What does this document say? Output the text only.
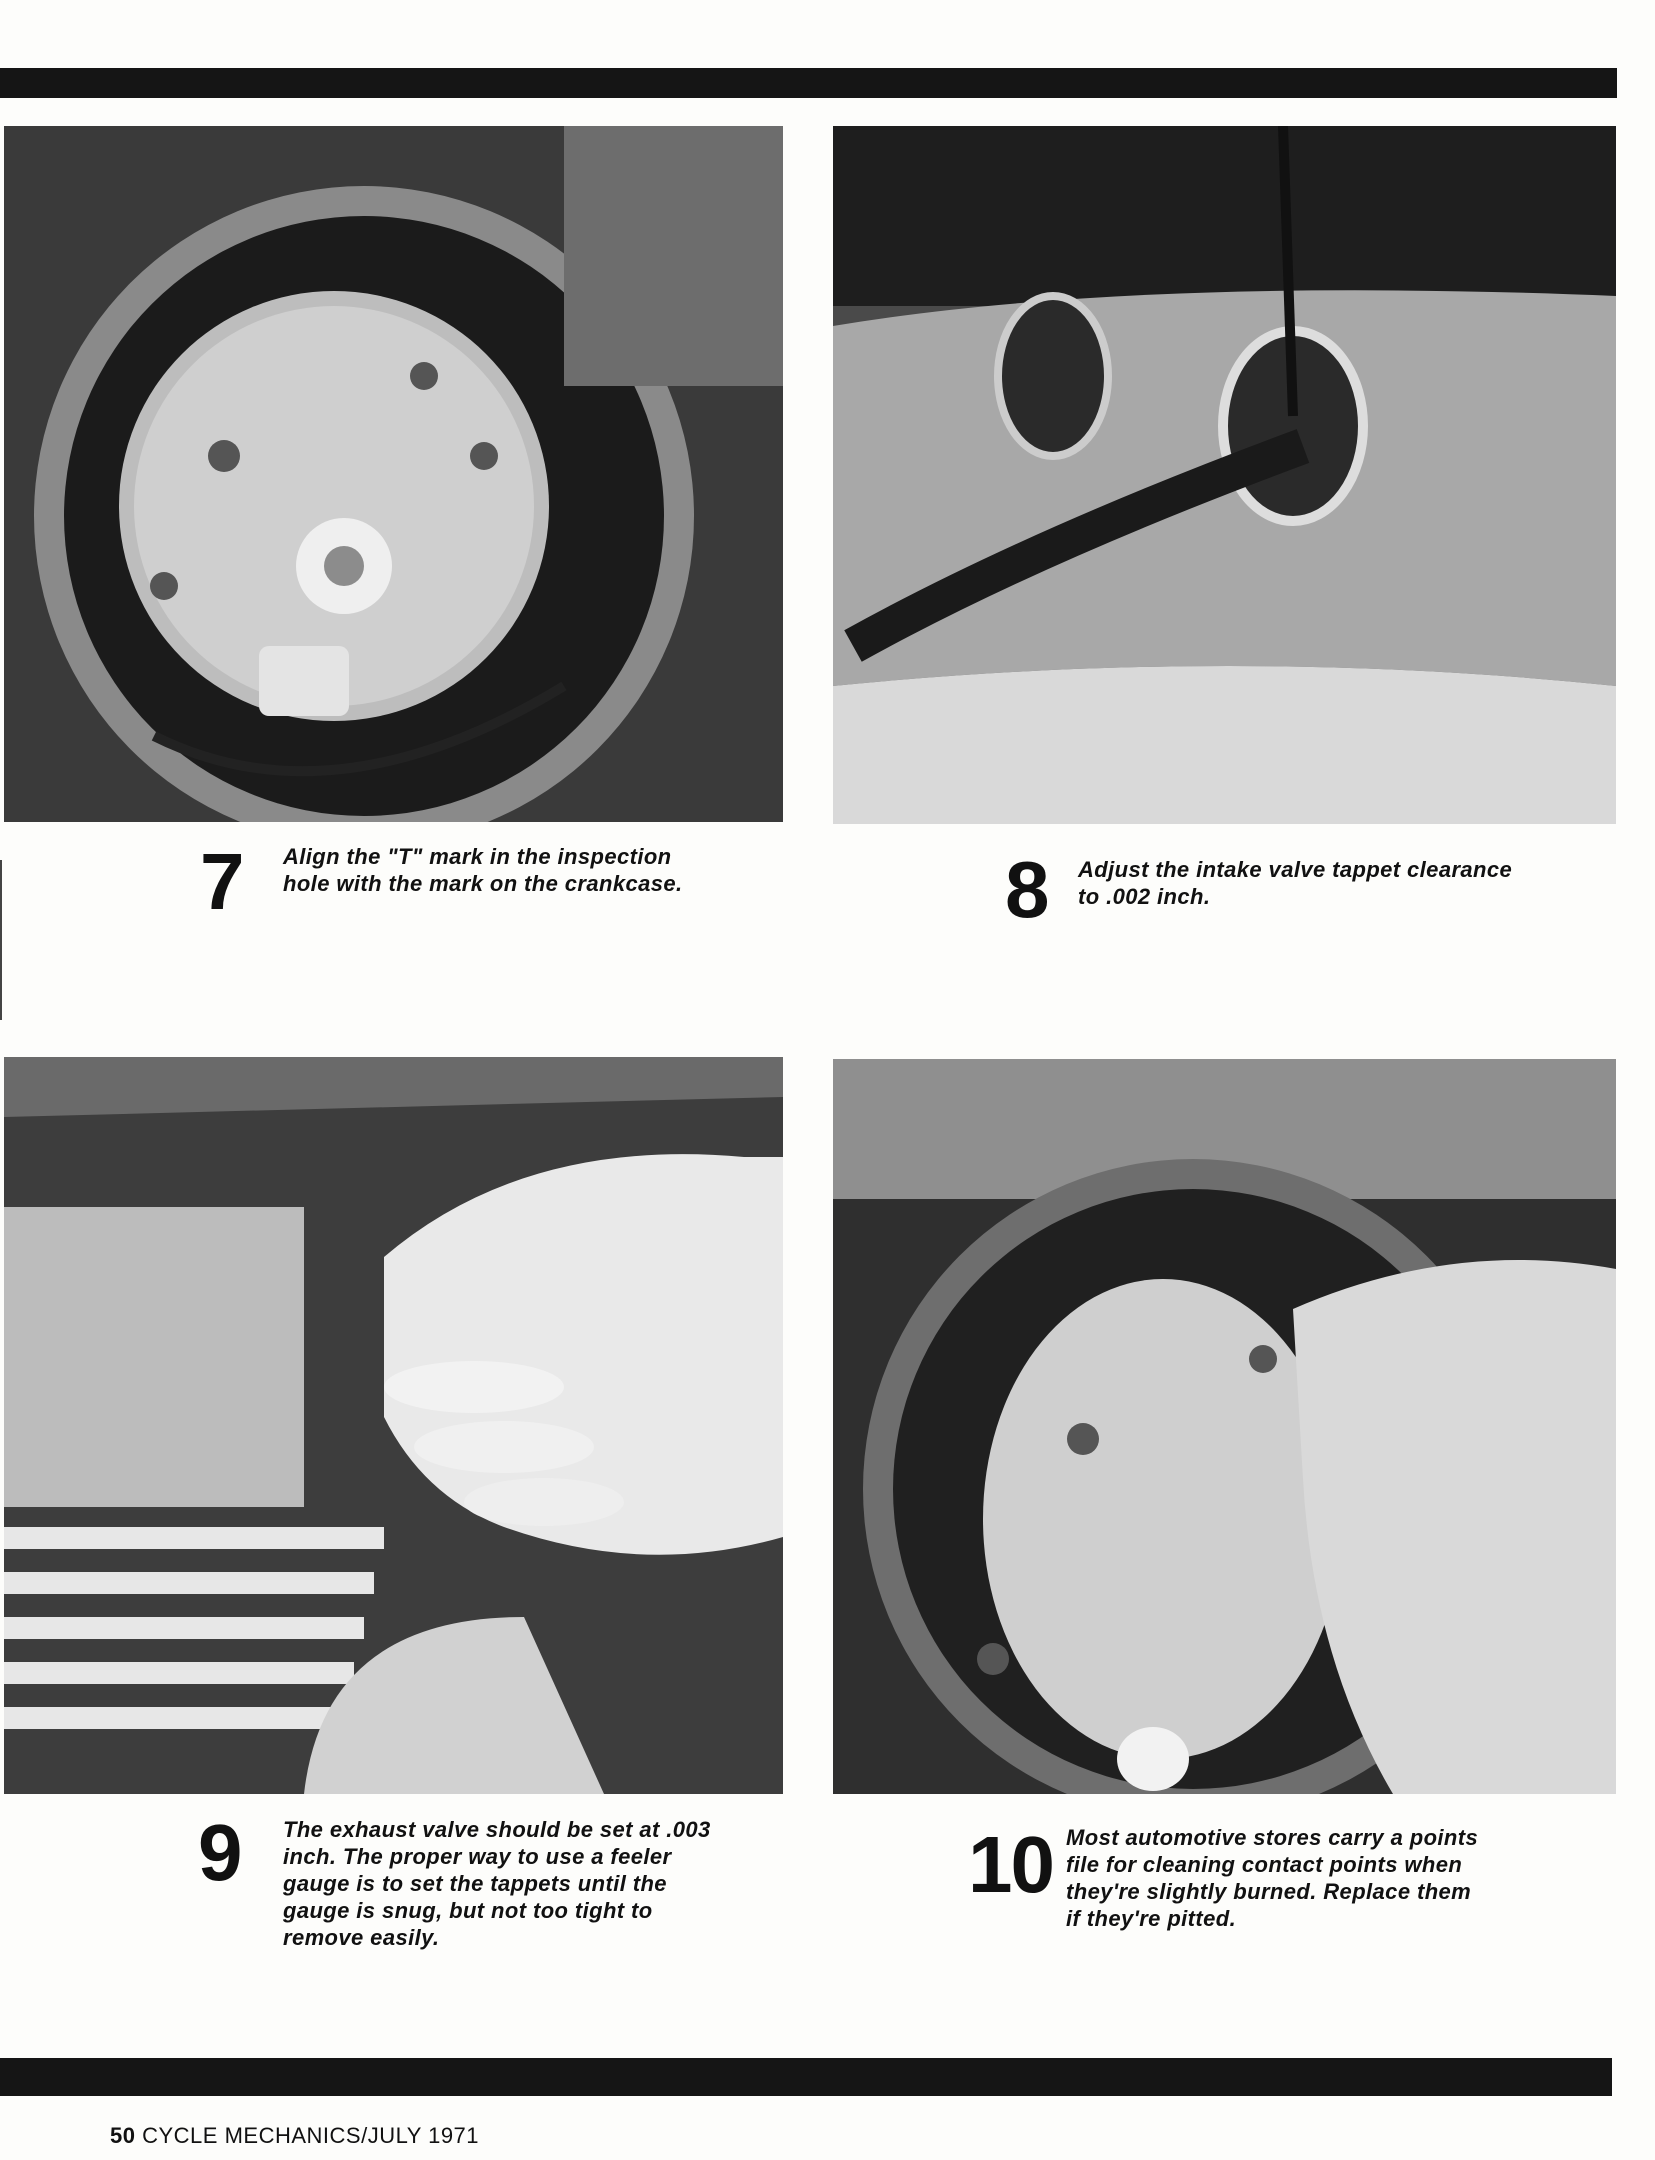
7 Align the "T" mark in the inspection hole with the mark on the crankcase.	8 Adjust the intake valve tappet clearance to .002 inch.
9 The exhaust valve should be set at .003 inch. The proper way to use a feeler gauge is to set the tappets until the gauge is snug, but not too tight to remove easily.
10 Most automotive stores carry a points file for cleaning contact points when they're slightly burned. Replace them if they're pitted.
50 CYCLE MECHANICS/JULY 1971
